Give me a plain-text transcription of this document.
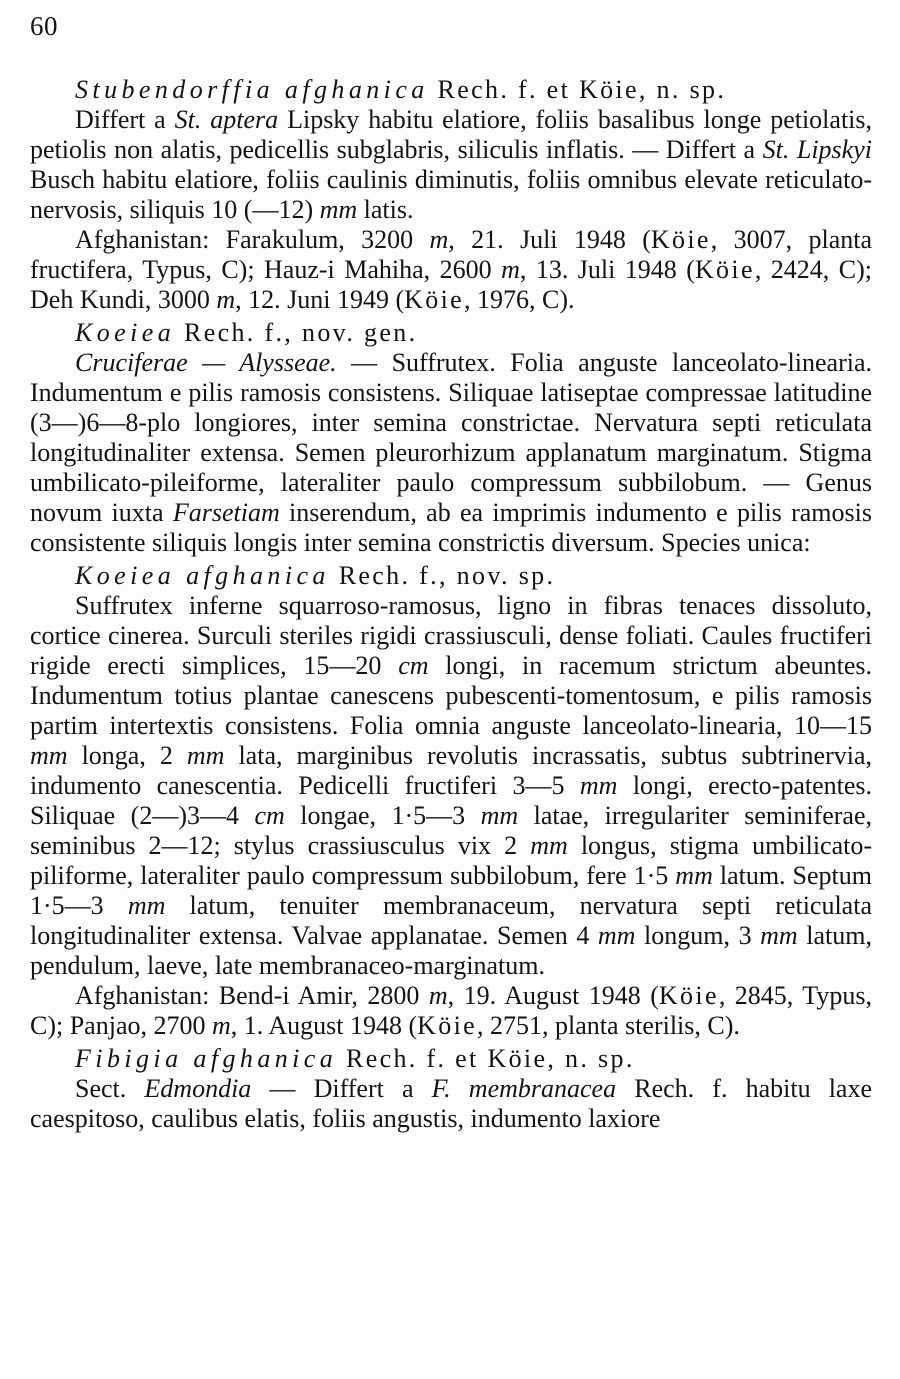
60

Stubendorffia afghanica Rech. f. et Köie, n. sp.

Differt a St. aptera Lipsky habitu elatiore, foliis basalibus longe petiolatis, petiolis non alatis, pedicellis subglabris, siliculis inflatis. — Differt a St. Lipskyi Busch habitu elatiore, foliis caulinis diminutis, foliis omnibus elevate reticulato-nervosis, siliquis 10 (—12) mm latis.

Afghanistan: Farakulum, 3200 m, 21. Juli 1948 (Köie, 3007, planta fructifera, Typus, C); Hauz-i Mahiha, 2600 m, 13. Juli 1948 (Köie, 2424, C); Deh Kundi, 3000 m, 12. Juni 1949 (Köie, 1976, C).

Koeiea Rech. f., nov. gen.

Cruciferae — Alysseae. — Suffrutex. Folia anguste lanceolato-linearia. Indumentum e pilis ramosis consistens. Siliquae latiseptae compressae latitudine (3—)6—8-plo longiores, inter semina constrictae. Nervatura septi reticulata longitudinaliter extensa. Semen pleurorhizum applanatum marginatum. Stigma umbilicato-pileiforme, lateraliter paulo compressum subbilobum. — Genus novum iuxta Farsetiam inserendum, ab ea imprimis indumento e pilis ramosis consistente siliquis longis inter semina constrictis diversum. Species unica:

Koeiea afghanica Rech. f., nov. sp.

Suffrutex inferne squarroso-ramosus, ligno in fibras tenaces dissoluto, cortice cinerea. Surculi steriles rigidi crassiusculi, dense foliati. Caules fructiferi rigide erecti simplices, 15—20 cm longi, in racemum strictum abeuntes. Indumentum totius plantae canescens pubescenti-tomentosum, e pilis ramosis partim intertextis consistens. Folia omnia anguste lanceolato-linearia, 10—15 mm longa, 2 mm lata, marginibus revolutis incrassatis, subtus subtrinervia, indumento canescentia. Pedicelli fructiferi 3—5 mm longi, erecto-patentes. Siliquae (2—)3—4 cm longae, 1·5—3 mm latae, irregulariter seminiferae, seminibus 2—12; stylus crassiusculus vix 2 mm longus, stigma umbilicato-piliforme, lateraliter paulo compressum subbilobum, fere 1·5 mm latum. Septum 1·5—3 mm latum, tenuiter membranaceum, nervatura septi reticulata longitudinaliter extensa. Valvae applanatae. Semen 4 mm longum, 3 mm latum, pendulum, laeve, late membranaceo-marginatum.

Afghanistan: Bend-i Amir, 2800 m, 19. August 1948 (Köie, 2845, Typus, C); Panjao, 2700 m, 1. August 1948 (Köie, 2751, planta sterilis, C).

Fibigia afghanica Rech. f. et Köie, n. sp.

Sect. Edmondia — Differt a F. membranacea Rech. f. habitu laxe caespitoso, caulibus elatis, foliis angustis, indumento laxiore
